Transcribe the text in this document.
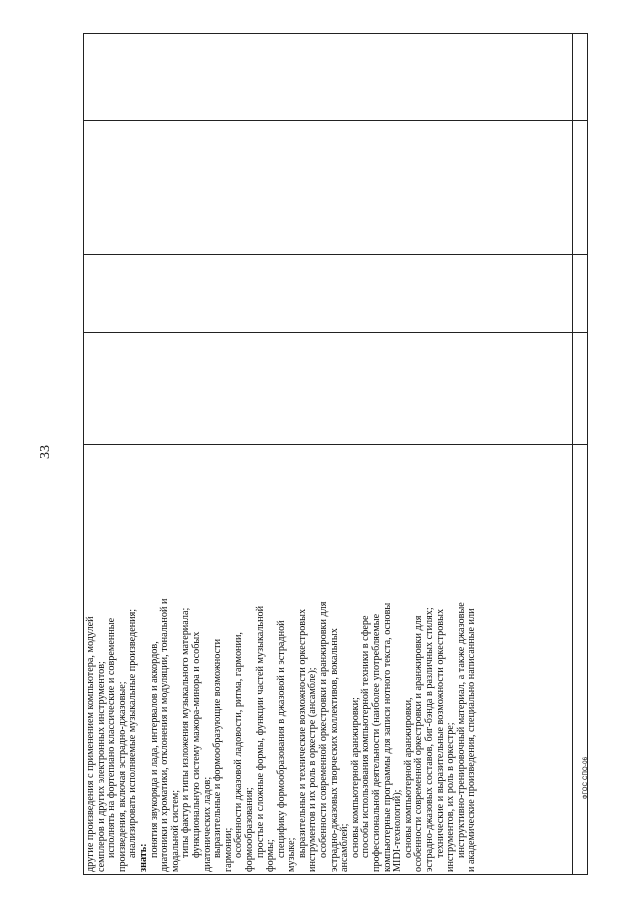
33
ФГОС СПО-06
другие произведения с применением компьютера, модулей семплеров и других электронных инструментов; исполнять на фортепиано классические и современные произведения, включая эстрадно-джазовые; анализировать исполняемые музыкальные произведения; знать: понятия звукоряда и лада, интервалов и аккордов, диатоники и хроматики, отклонения и модуляции, тональной и модальной систем; типы фактур и типы изложения музыкального материала; функциональную систему мажора-минора и особых диатонических ладов; выразительные и формообразующие возможности гармонии; особенности джазовой ладовости, ритма, гармонии, формообразования; простые и сложные формы, функции частей музыкальной формы; специфику формообразования в джазовой и эстрадной музыке; выразительные и технические возможности оркестровых инструментов и их роль в оркестре (ансамбле); особенности современной оркестровки и аранжировки для эстрадно-джазовых творческих коллективов, вокальных ансамблей; основы компьютерной аранжировки; способы использования компьютерной техники в сфере профессиональной деятельности (наиболее употребляемые компьютерные программы для записи нотного текста, основы MIDI-технологий); основы компьютерной аранжировки, особенности современной оркестровки и аранжировки для эстрадно-джазовых составов, биг-бэнда в различных стилях; технические и выразительные возможности оркестровых инструментов, их роль в оркестре; инструктивно-тренировочный материал, а также джазовые и академические произведения, специально написанные или
